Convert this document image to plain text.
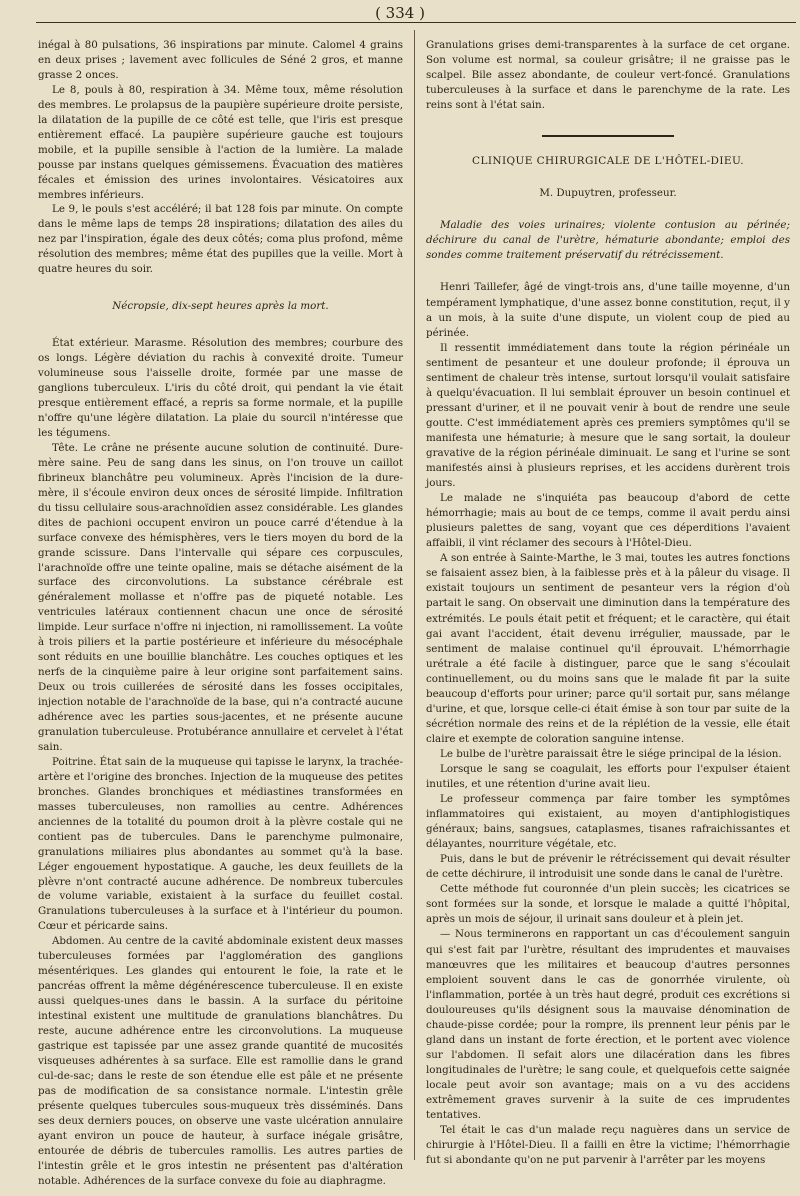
( 334 )

inégal à 80 pulsations, 36 inspirations par minute. Calomel 4 grains en deux prises ; lavement avec follicules de Séné 2 gros, et manne grasse 2 onces.

Le 8, pouls à 80, respiration à 34. Même toux, même résolution des membres. Le prolapsus de la paupière supérieure droite persiste, la dilatation de la pupille de ce côté est telle, que l'iris est presque entièrement effacé. La paupière supérieure gauche est toujours mobile, et la pupille sensible à l'action de la lumière. La malade pousse par instans quelques gémissemens. Évacuation des matières fécales et émission des urines involontaires. Vésicatoires aux membres inférieurs.

Le 9, le pouls s'est accéléré; il bat 128 fois par minute. On compte dans le même laps de temps 28 inspirations; dilatation des ailes du nez par l'inspiration, égale des deux côtés; coma plus profond, même résolution des membres; même état des pupilles que la veille. Mort à quatre heures du soir.

Nécropsie, dix-sept heures après la mort.

État extérieur. Marasme. Résolution des membres; courbure des os longs. Légère déviation du rachis à convexité droite. Tumeur volumineuse sous l'aisselle droite, formée par une masse de ganglions tuberculeux. L'iris du côté droit, qui pendant la vie était presque entièrement effacé, a repris sa forme normale, et la pupille n'offre qu'une légère dilatation. La plaie du sourcil n'intéresse que les tégumens.

Tête. Le crâne ne présente aucune solution de continuité. Dure-mère saine. Peu de sang dans les sinus, on l'on trouve un caillot fibrineux blanchâtre peu volumineux. Après l'incision de la dure-mère, il s'écoule environ deux onces de sérosité limpide. Infiltration du tissu cellulaire sous-arachnoïdien assez considérable. Les glandes dites de pachioni occupent environ un pouce carré d'étendue à la surface convexe des hémisphères, vers le tiers moyen du bord de la grande scissure. Dans l'intervalle qui sépare ces corpuscules, l'arachnoïde offre une teinte opaline, mais se détache aisément de la surface des circonvolutions. La substance cérébrale est généralement mollasse et n'offre pas de piqueté notable. Les ventricules latéraux contiennent chacun une once de sérosité limpide. Leur surface n'offre ni injection, ni ramollissement. La voûte à trois piliers et la partie postérieure et inférieure du mésocéphale sont réduits en une bouillie blanchâtre. Les couches optiques et les nerfs de la cinquième paire à leur origine sont parfaitement sains. Deux ou trois cuillerées de sérosité dans les fosses occipitales, injection notable de l'arachnoïde de la base, qui n'a contracté aucune adhérence avec les parties sous-jacentes, et ne présente aucune granulation tuberculeuse. Protubérance annullaire et cervelet à l'état sain.

Poitrine. État sain de la muqueuse qui tapisse le larynx, la trachée-artère et l'origine des bronches. Injection de la muqueuse des petites bronches. Glandes bronchiques et médiastines transformées en masses tuberculeuses, non ramollies au centre. Adhérences anciennes de la totalité du poumon droit à la plèvre costale qui ne contient pas de tubercules. Dans le parenchyme pulmonaire, granulations miliaires plus abondantes au sommet qu'à la base. Léger engouement hypostatique. A gauche, les deux feuillets de la plèvre n'ont contracté aucune adhérence. De nombreux tubercules de volume variable, existaient à la surface du feuillet costal. Granulations tuberculeuses à la surface et à l'intérieur du poumon. Cœur et péricarde sains.

Abdomen. Au centre de la cavité abdominale existent deux masses tuberculeuses formées par l'agglomération des ganglions mésentériques. Les glandes qui entourent le foie, la rate et le pancréas offrent la même dégénérescence tuberculeuse. Il en existe aussi quelques-unes dans le bassin. A la surface du péritoine intestinal existent une multitude de granulations blanchâtres. Du reste, aucune adhérence entre les circonvolutions. La muqueuse gastrique est tapissée par une assez grande quantité de mucosités visqueuses adhérentes à sa surface. Elle est ramollie dans le grand cul-de-sac; dans le reste de son étendue elle est pâle et ne présente pas de modification de sa consistance normale. L'intestin grêle présente quelques tubercules sous-muqueux très disséminés. Dans ses deux derniers pouces, on observe une vaste ulcération annulaire ayant environ un pouce de hauteur, à surface inégale grisâtre, entourée de débris de tubercules ramollis. Les autres parties de l'intestin grêle et le gros intestin ne présentent pas d'altération notable. Adhérences de la surface convexe du foie au diaphragme.

Granulations grises demi-transparentes à la surface de cet organe. Son volume est normal, sa couleur grisâtre; il ne graisse pas le scalpel. Bile assez abondante, de couleur vert-foncé. Granulations tuberculeuses à la surface et dans le parenchyme de la rate. Les reins sont à l'état sain.

CLINIQUE CHIRURGICALE DE L'HÔTEL-DIEU.

M. Dupuytren, professeur.

Maladie des voies urinaires; violente contusion au périnée; déchirure du canal de l'urètre, hématurie abondante; emploi des sondes comme traitement préservatif du rétrécissement.

Henri Taillefer, âgé de vingt-trois ans, d'une taille moyenne, d'un tempérament lymphatique, d'une assez bonne constitution, reçut, il y a un mois, à la suite d'une dispute, un violent coup de pied au périnée.

Il ressentit immédiatement dans toute la région périnéale un sentiment de pesanteur et une douleur profonde; il éprouva un sentiment de chaleur très intense, surtout lorsqu'il voulait satisfaire à quelqu'évacuation. Il lui semblait éprouver un besoin continuel et pressant d'uriner, et il ne pouvait venir à bout de rendre une seule goutte. C'est immédiatement après ces premiers symptômes qu'il se manifesta une hématurie; à mesure que le sang sortait, la douleur gravative de la région périnéale diminuait. Le sang et l'urine se sont manifestés ainsi à plusieurs reprises, et les accidens durèrent trois jours.

Le malade ne s'inquiéta pas beaucoup d'abord de cette hémorrhagie; mais au bout de ce temps, comme il avait perdu ainsi plusieurs palettes de sang, voyant que ces déperditions l'avaient affaibli, il vint réclamer des secours à l'Hôtel-Dieu.

A son entrée à Sainte-Marthe, le 3 mai, toutes les autres fonctions se faisaient assez bien, à la faiblesse près et à la pâleur du visage. Il existait toujours un sentiment de pesanteur vers la région d'où partait le sang. On observait une diminution dans la température des extrémités. Le pouls était petit et fréquent; et le caractère, qui était gai avant l'accident, était devenu irrégulier, maussade, par le sentiment de malaise continuel qu'il éprouvait. L'hémorrhagie urétrale a été facile à distinguer, parce que le sang s'écoulait continuellement, ou du moins sans que le malade fit par la suite beaucoup d'efforts pour uriner; parce qu'il sortait pur, sans mélange d'urine, et que, lorsque celle-ci était émise à son tour par suite de la sécrétion normale des reins et de la réplétion de la vessie, elle était claire et exempte de coloration sanguine intense.

Le bulbe de l'urètre paraissait être le siége principal de la lésion.

Lorsque le sang se coagulait, les efforts pour l'expulser étaient inutiles, et une rétention d'urine avait lieu.

Le professeur commença par faire tomber les symptômes inflammatoires qui existaient, au moyen d'antiphlogistiques généraux; bains, sangsues, cataplasmes, tisanes rafraichissantes et délayantes, nourriture végétale, etc.

Puis, dans le but de prévenir le rétrécissement qui devait résulter de cette déchirure, il introduisit une sonde dans le canal de l'urètre.

Cette méthode fut couronnée d'un plein succès; les cicatrices se sont formées sur la sonde, et lorsque le malade a quitté l'hôpital, après un mois de séjour, il urinait sans douleur et à plein jet.

— Nous terminerons en rapportant un cas d'écoulement sanguin qui s'est fait par l'urètre, résultant des imprudentes et mauvaises manœuvres que les militaires et beaucoup d'autres personnes emploient souvent dans le cas de gonorrhée virulente, où l'inflammation, portée à un très haut degré, produit ces excrétions si douloureuses qu'ils désignent sous la mauvaise dénomination de chaude-pisse cordée; pour la rompre, ils prennent leur pénis par le gland dans un instant de forte érection, et le portent avec violence sur l'abdomen. Il sefait alors une dilacération dans les fibres longitudinales de l'urètre; le sang coule, et quelquefois cette saignée locale peut avoir son avantage; mais on a vu des accidens extrêmement graves survenir à la suite de ces imprudentes tentatives.

Tel était le cas d'un malade reçu naguères dans un service de chirurgie à l'Hôtel-Dieu. Il a failli en être la victime; l'hémorrhagie fut si abondante qu'on ne put parvenir à l'arrêter par les moyens
